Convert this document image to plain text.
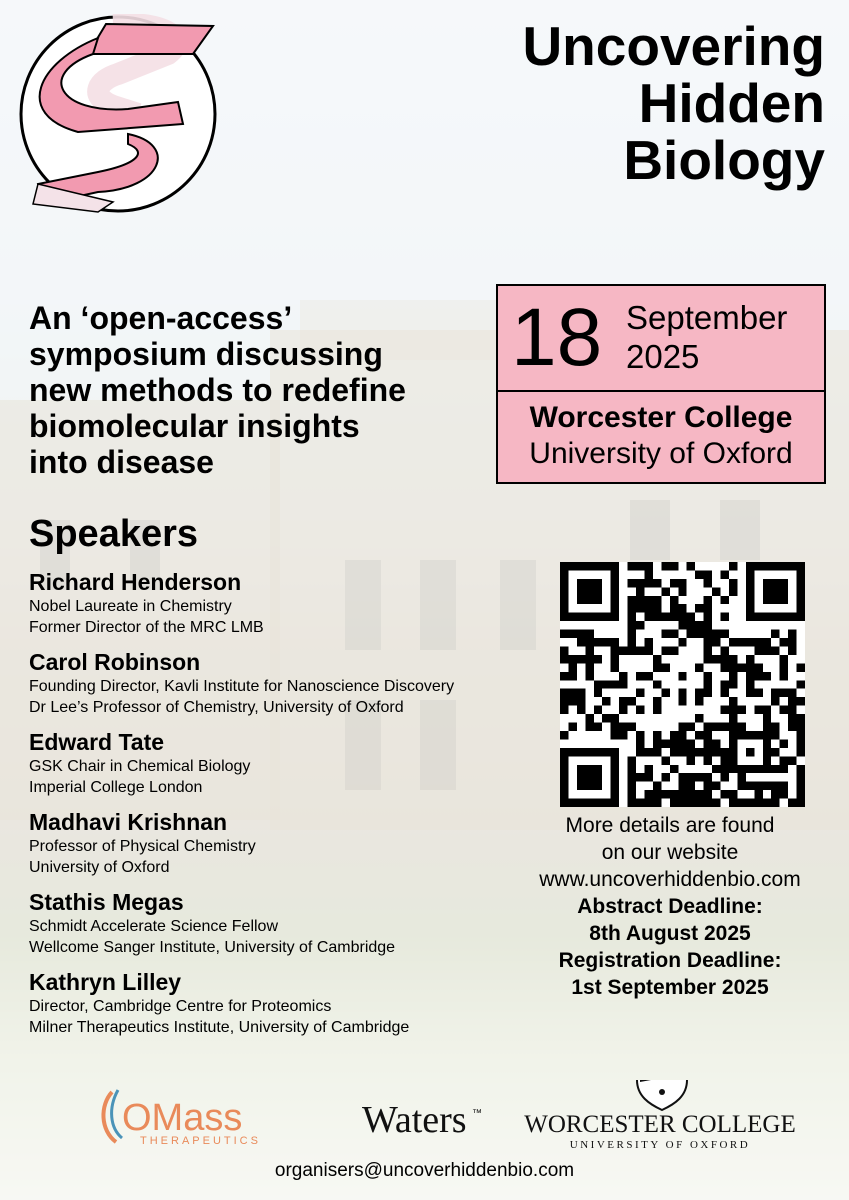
Uncovering
Hidden
Biology
An ‘open-access’
symposium discussing
new methods to redefine
biomolecular insights
into disease
18 September
2025
Worcester College
University of Oxford
Speakers
Richard Henderson
Nobel Laureate in Chemistry
Former Director of the MRC LMB
Carol Robinson
Founding Director, Kavli Institute for Nanoscience Discovery
Dr Lee’s Professor of Chemistry, University of Oxford
Edward Tate
GSK Chair in Chemical Biology
Imperial College London
Madhavi Krishnan
Professor of Physical Chemistry
University of Oxford
Stathis Megas
Schmidt Accelerate Science Fellow
Wellcome Sanger Institute, University of Cambridge
Kathryn Lilley
Director, Cambridge Centre for Proteomics
Milner Therapeutics Institute, University of Cambridge
More details are found
on our website
www.uncoverhiddenbio.com
Abstract Deadline:
8th August 2025
Registration Deadline:
1st September 2025
OMass
THERAPEUTICS	Waters ™ WORCESTER COLLEGE
UNIVERSITY OF OXFORD
organisers@uncoverhiddenbio.com
